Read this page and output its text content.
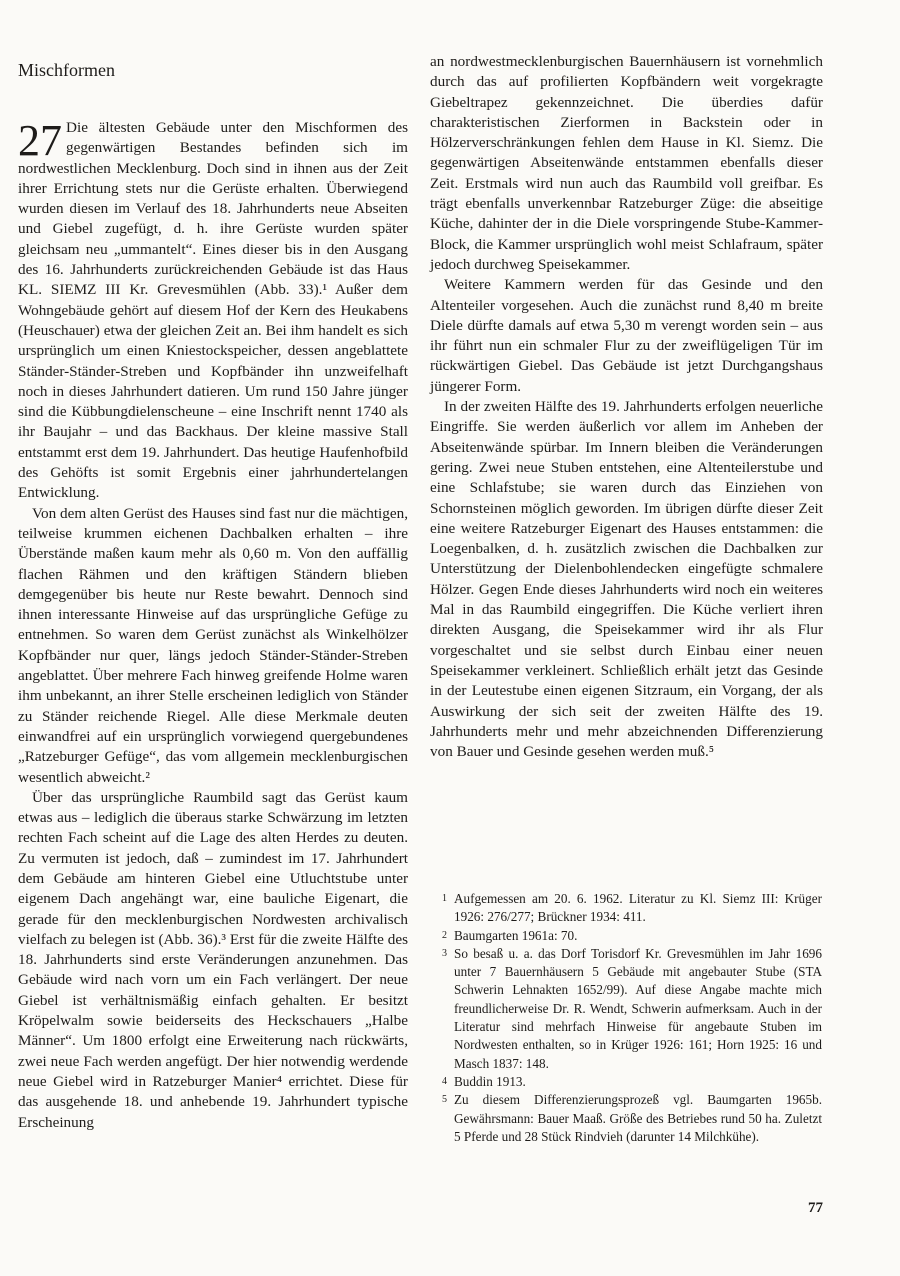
Mischformen

27 Die ältesten Gebäude unter den Mischformen des gegenwärtigen Bestandes befinden sich im nordwestlichen Mecklenburg. Doch sind in ihnen aus der Zeit ihrer Errichtung stets nur die Gerüste erhalten. Überwiegend wurden diesen im Verlauf des 18. Jahrhunderts neue Abseiten und Giebel zugefügt, d. h. ihre Gerüste wurden später gleichsam neu „ummantelt“. Eines dieser bis in den Ausgang des 16. Jahrhunderts zurückreichenden Gebäude ist das Haus KL. SIEMZ III Kr. Grevesmühlen (Abb. 33).¹ Außer dem Wohngebäude gehört auf diesem Hof der Kern des Heukabens (Heuschauer) etwa der gleichen Zeit an. Bei ihm handelt es sich ursprünglich um einen Kniestockspeicher, dessen angeblattete Ständer-Ständer-Streben und Kopfbänder ihn unzweifelhaft noch in dieses Jahrhundert datieren. Um rund 150 Jahre jünger sind die Kübbungdielenscheune – eine Inschrift nennt 1740 als ihr Baujahr – und das Backhaus. Der kleine massive Stall entstammt erst dem 19. Jahrhundert. Das heutige Haufenhofbild des Gehöfts ist somit Ergebnis einer jahrhundertelangen Entwicklung.

Von dem alten Gerüst des Hauses sind fast nur die mächtigen, teilweise krummen eichenen Dachbalken erhalten – ihre Überstände maßen kaum mehr als 0,60 m. Von den auffällig flachen Rähmen und den kräftigen Ständern blieben demgegenüber bis heute nur Reste bewahrt. Dennoch sind ihnen interessante Hinweise auf das ursprüngliche Gefüge zu entnehmen. So waren dem Gerüst zunächst als Winkelhölzer Kopfbänder nur quer, längs jedoch Ständer-Ständer-Streben angeblattet. Über mehrere Fach hinweg greifende Holme waren ihm unbekannt, an ihrer Stelle erscheinen lediglich von Ständer zu Ständer reichende Riegel. Alle diese Merkmale deuten einwandfrei auf ein ursprünglich vorwiegend quergebundenes „Ratzeburger Gefüge“, das vom allgemein mecklenburgischen wesentlich abweicht.²

Über das ursprüngliche Raumbild sagt das Gerüst kaum etwas aus – lediglich die überaus starke Schwärzung im letzten rechten Fach scheint auf die Lage des alten Herdes zu deuten. Zu vermuten ist jedoch, daß – zumindest im 17. Jahrhundert dem Gebäude am hinteren Giebel eine Utluchtstube unter eigenem Dach angehängt war, eine bauliche Eigenart, die gerade für den mecklenburgischen Nordwesten archivalisch vielfach zu belegen ist (Abb. 36).³ Erst für die zweite Hälfte des 18. Jahrhunderts sind erste Veränderungen anzunehmen. Das Gebäude wird nach vorn um ein Fach verlängert. Der neue Giebel ist verhältnismäßig einfach gehalten. Er besitzt Kröpelwalm sowie beiderseits des Heckschauers „Halbe Männer“. Um 1800 erfolgt eine Erweiterung nach rückwärts, zwei neue Fach werden angefügt. Der hier notwendig werdende neue Giebel wird in Ratzeburger Manier⁴ errichtet. Diese für das ausgehende 18. und anhebende 19. Jahrhundert typische Erscheinung

an nordwestmecklenburgischen Bauernhäusern ist vornehmlich durch das auf profilierten Kopfbändern weit vorgekragte Giebeltrapez gekennzeichnet. Die überdies dafür charakteristischen Zierformen in Backstein oder in Hölzerverschränkungen fehlen dem Hause in Kl. Siemz. Die gegenwärtigen Abseitenwände entstammen ebenfalls dieser Zeit. Erstmals wird nun auch das Raumbild voll greifbar. Es trägt ebenfalls unverkennbar Ratzeburger Züge: die abseitige Küche, dahinter der in die Diele vorspringende Stube-Kammer-Block, die Kammer ursprünglich wohl meist Schlafraum, später jedoch durchweg Speisekammer.

Weitere Kammern werden für das Gesinde und den Altenteiler vorgesehen. Auch die zunächst rund 8,40 m breite Diele dürfte damals auf etwa 5,30 m verengt worden sein – aus ihr führt nun ein schmaler Flur zu der zweiflügeligen Tür im rückwärtigen Giebel. Das Gebäude ist jetzt Durchgangshaus jüngerer Form.

In der zweiten Hälfte des 19. Jahrhunderts erfolgen neuerliche Eingriffe. Sie werden äußerlich vor allem im Anheben der Abseitenwände spürbar. Im Innern bleiben die Veränderungen gering. Zwei neue Stuben entstehen, eine Altenteilerstube und eine Schlafstube; sie waren durch das Einziehen von Schornsteinen möglich geworden. Im übrigen dürfte dieser Zeit eine weitere Ratzeburger Eigenart des Hauses entstammen: die Loegenbalken, d. h. zusätzlich zwischen die Dachbalken zur Unterstützung der Dielenbohlendecken eingefügte schmalere Hölzer. Gegen Ende dieses Jahrhunderts wird noch ein weiteres Mal in das Raumbild eingegriffen. Die Küche verliert ihren direkten Ausgang, die Speisekammer wird ihr als Flur vorgeschaltet und sie selbst durch Einbau einer neuen Speisekammer verkleinert. Schließlich erhält jetzt das Gesinde in der Leutestube einen eigenen Sitzraum, ein Vorgang, der als Auswirkung der sich seit der zweiten Hälfte des 19. Jahrhunderts mehr und mehr abzeichnenden Differenzierung von Bauer und Gesinde gesehen werden muß.⁵

1 Aufgemessen am 20. 6. 1962. Literatur zu Kl. Siemz III: Krüger 1926: 276/277; Brückner 1934: 411.
2 Baumgarten 1961a: 70.
3 So besaß u. a. das Dorf Torisdorf Kr. Grevesmühlen im Jahr 1696 unter 7 Bauernhäusern 5 Gebäude mit angebauter Stube (STA Schwerin Lehnakten 1652/99). Auf diese Angabe machte mich freundlicherweise Dr. R. Wendt, Schwerin aufmerksam. Auch in der Literatur sind mehrfach Hinweise für angebaute Stuben im Nordwesten enthalten, so in Krüger 1926: 161; Horn 1925: 16 und Masch 1837: 148.
4 Buddin 1913.
5 Zu diesem Differenzierungsprozeß vgl. Baumgarten 1965b. Gewährsmann: Bauer Maaß. Größe des Betriebes rund 50 ha. Zuletzt 5 Pferde und 28 Stück Rindvieh (darunter 14 Milchkühe).
77
